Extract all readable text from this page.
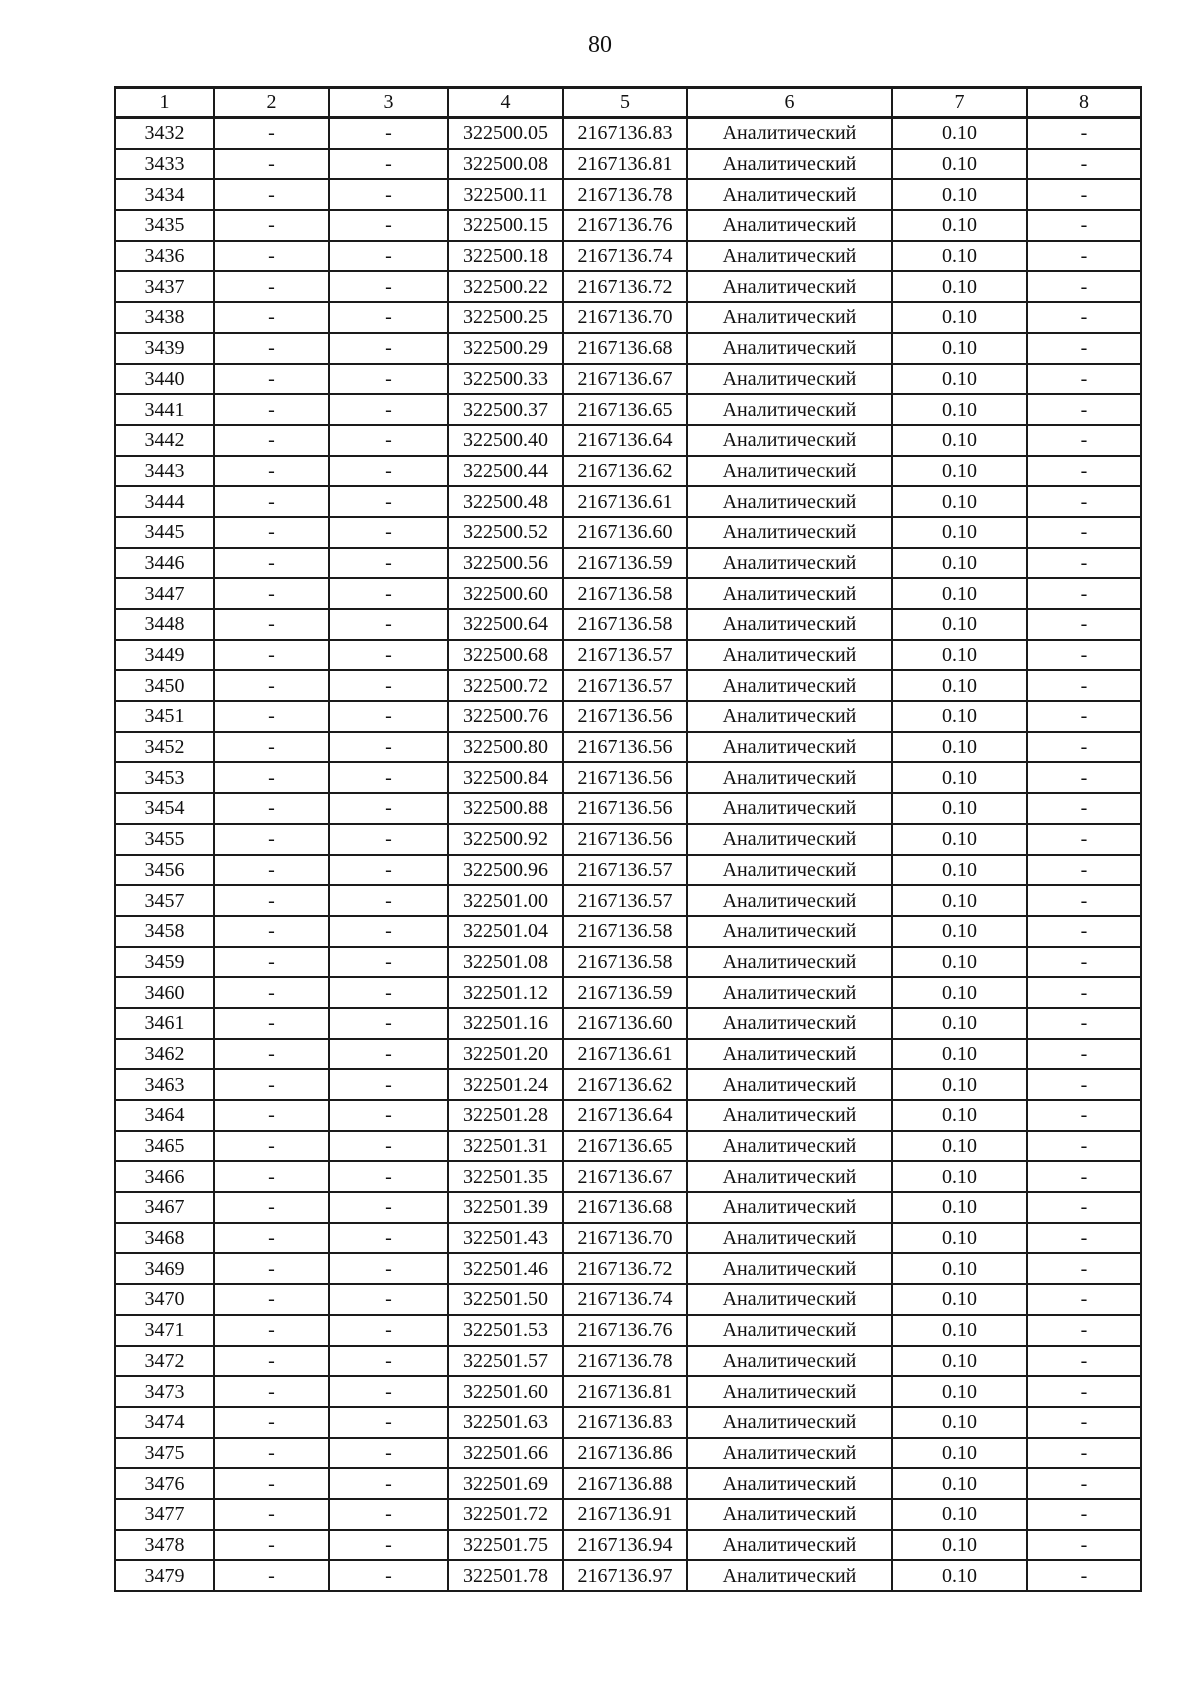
80
1	2	3	4	5	6	7	8
3432	-	-	322500.05	2167136.83	Аналитический	0.10	-
3433	-	-	322500.08	2167136.81	Аналитический	0.10	-
3434	-	-	322500.11	2167136.78	Аналитический	0.10	-
3435	-	-	322500.15	2167136.76	Аналитический	0.10	-
3436	-	-	322500.18	2167136.74	Аналитический	0.10	-
3437	-	-	322500.22	2167136.72	Аналитический	0.10	-
3438	-	-	322500.25	2167136.70	Аналитический	0.10	-
3439	-	-	322500.29	2167136.68	Аналитический	0.10	-
3440	-	-	322500.33	2167136.67	Аналитический	0.10	-
3441	-	-	322500.37	2167136.65	Аналитический	0.10	-
3442	-	-	322500.40	2167136.64	Аналитический	0.10	-
3443	-	-	322500.44	2167136.62	Аналитический	0.10	-
3444	-	-	322500.48	2167136.61	Аналитический	0.10	-
3445	-	-	322500.52	2167136.60	Аналитический	0.10	-
3446	-	-	322500.56	2167136.59	Аналитический	0.10	-
3447	-	-	322500.60	2167136.58	Аналитический	0.10	-
3448	-	-	322500.64	2167136.58	Аналитический	0.10	-
3449	-	-	322500.68	2167136.57	Аналитический	0.10	-
3450	-	-	322500.72	2167136.57	Аналитический	0.10	-
3451	-	-	322500.76	2167136.56	Аналитический	0.10	-
3452	-	-	322500.80	2167136.56	Аналитический	0.10	-
3453	-	-	322500.84	2167136.56	Аналитический	0.10	-
3454	-	-	322500.88	2167136.56	Аналитический	0.10	-
3455	-	-	322500.92	2167136.56	Аналитический	0.10	-
3456	-	-	322500.96	2167136.57	Аналитический	0.10	-
3457	-	-	322501.00	2167136.57	Аналитический	0.10	-
3458	-	-	322501.04	2167136.58	Аналитический	0.10	-
3459	-	-	322501.08	2167136.58	Аналитический	0.10	-
3460	-	-	322501.12	2167136.59	Аналитический	0.10	-
3461	-	-	322501.16	2167136.60	Аналитический	0.10	-
3462	-	-	322501.20	2167136.61	Аналитический	0.10	-
3463	-	-	322501.24	2167136.62	Аналитический	0.10	-
3464	-	-	322501.28	2167136.64	Аналитический	0.10	-
3465	-	-	322501.31	2167136.65	Аналитический	0.10	-
3466	-	-	322501.35	2167136.67	Аналитический	0.10	-
3467	-	-	322501.39	2167136.68	Аналитический	0.10	-
3468	-	-	322501.43	2167136.70	Аналитический	0.10	-
3469	-	-	322501.46	2167136.72	Аналитический	0.10	-
3470	-	-	322501.50	2167136.74	Аналитический	0.10	-
3471	-	-	322501.53	2167136.76	Аналитический	0.10	-
3472	-	-	322501.57	2167136.78	Аналитический	0.10	-
3473	-	-	322501.60	2167136.81	Аналитический	0.10	-
3474	-	-	322501.63	2167136.83	Аналитический	0.10	-
3475	-	-	322501.66	2167136.86	Аналитический	0.10	-
3476	-	-	322501.69	2167136.88	Аналитический	0.10	-
3477	-	-	322501.72	2167136.91	Аналитический	0.10	-
3478	-	-	322501.75	2167136.94	Аналитический	0.10	-
3479	-	-	322501.78	2167136.97	Аналитический	0.10	-
